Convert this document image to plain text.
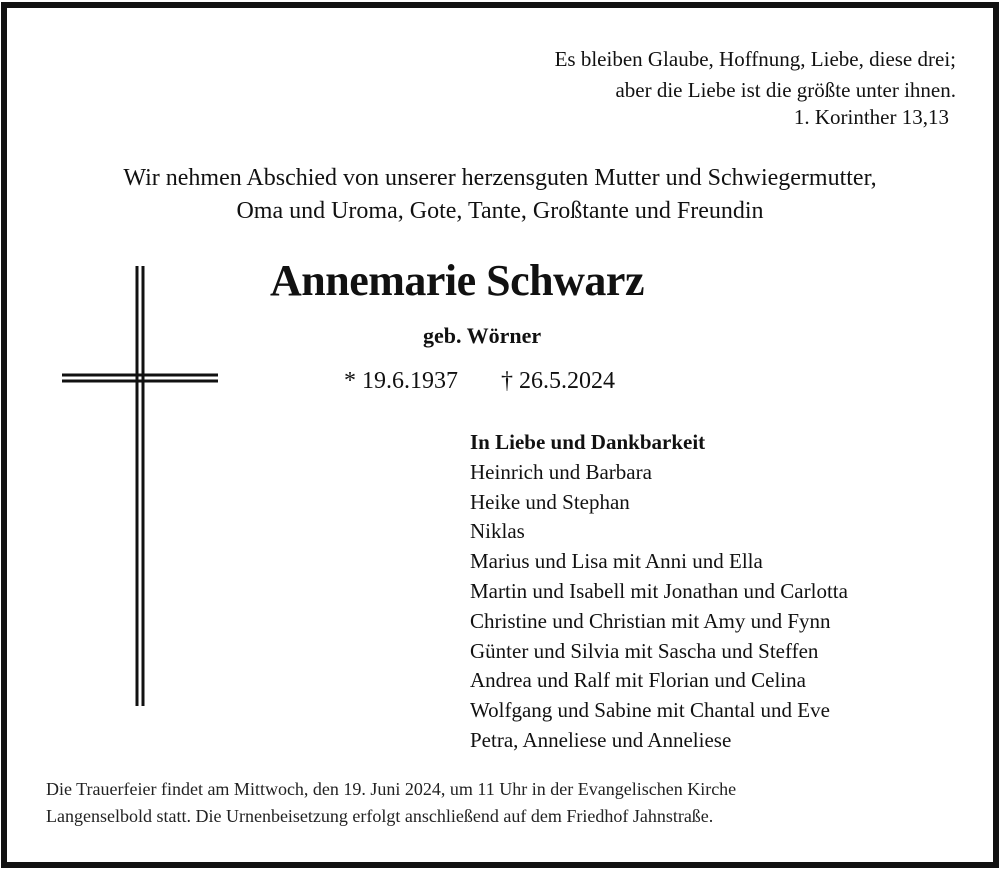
Es bleiben Glaube, Hoffnung, Liebe, diese drei;
aber die Liebe ist die größte unter ihnen.

1. Korinther 13,13

Wir nehmen Abschied von unserer herzensguten Mutter und Schwiegermutter,
Oma und Uroma, Gote, Tante, Großtante und Freundin
Annemarie Schwarz

geb. Wörner

* 19.6.1937 † 26.5.2024
In Liebe und Dankbarkeit
Heinrich und Barbara
Heike und Stephan
Niklas
Marius und Lisa mit Anni und Ella
Martin und Isabell mit Jonathan und Carlotta
Christine und Christian mit Amy und Fynn
Günter und Silvia mit Sascha und Steffen
Andrea und Ralf mit Florian und Celina
Wolfgang und Sabine mit Chantal und Eve
Petra, Anneliese und Anneliese
Die Trauerfeier findet am Mittwoch, den 19. Juni 2024, um 11 Uhr in der Evangelischen Kirche
Langenselbold statt. Die Urnenbeisetzung erfolgt anschließend auf dem Friedhof Jahnstraße.
